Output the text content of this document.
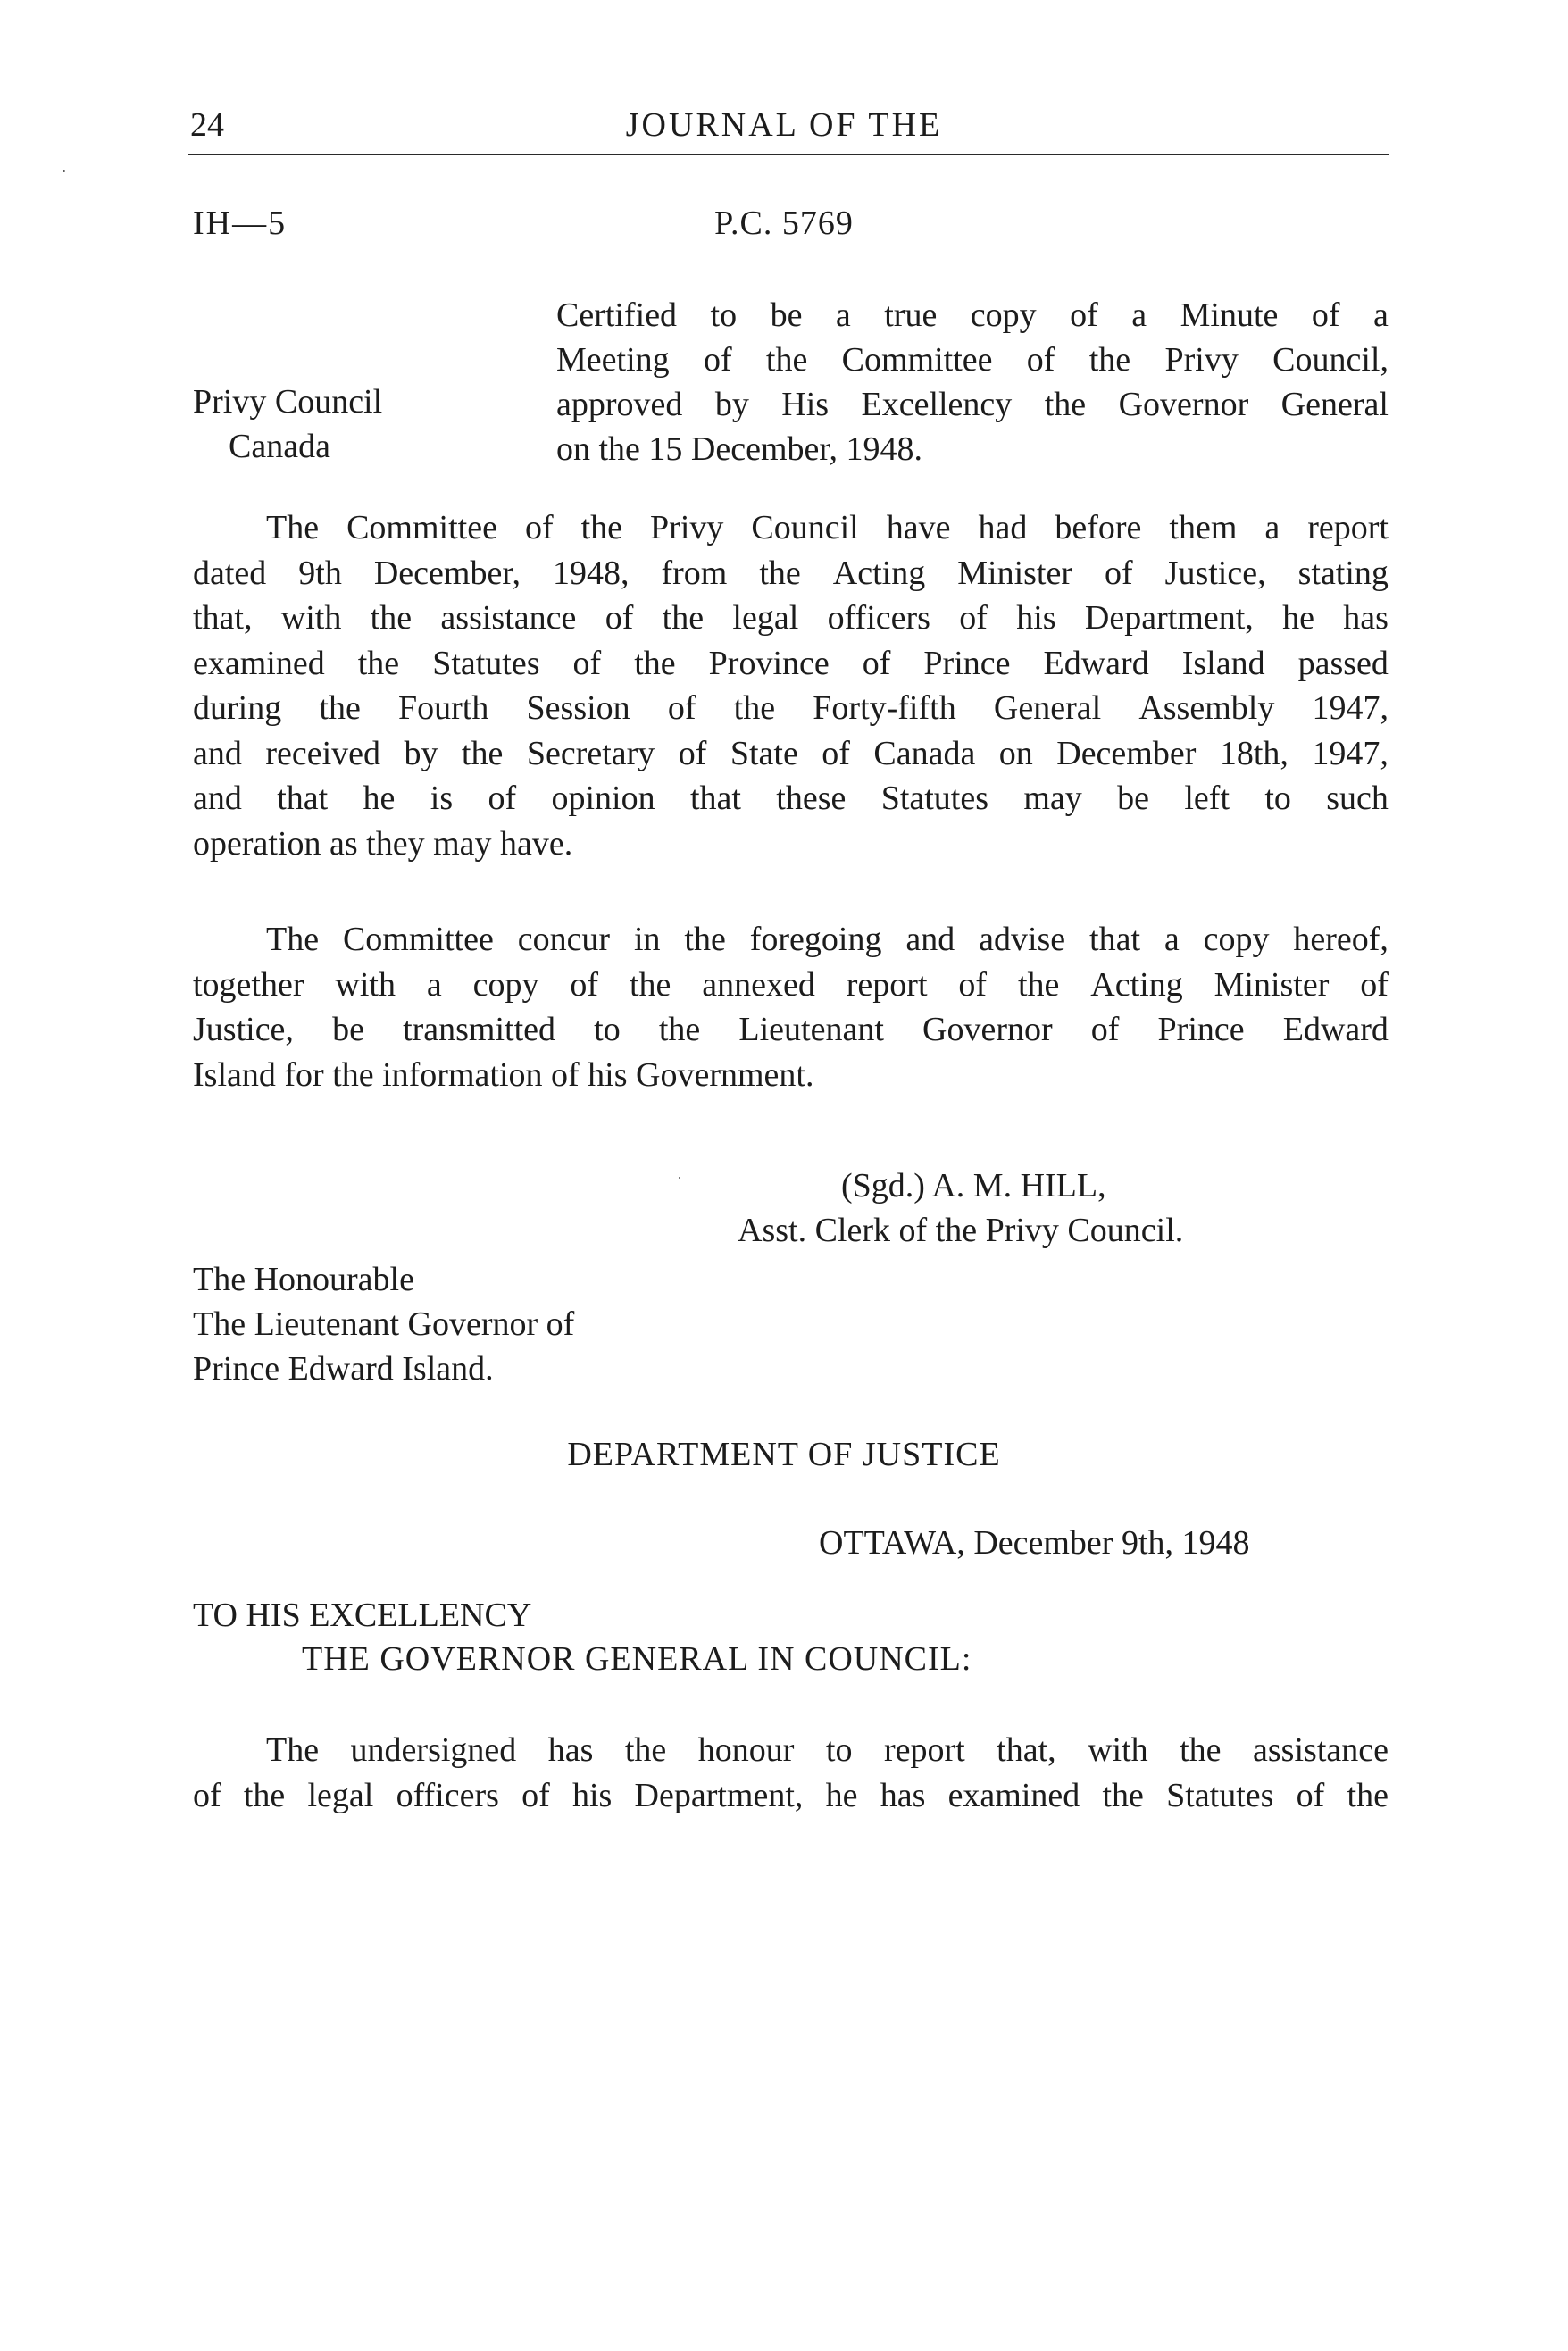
24	JOURNAL OF THE
IH—5	P.C. 5769
Certified to be a true copy of a Minute of a
Meeting of the Committee of the Privy Council,
approved by His Excellency the Governor General
on the 15 December, 1948.
Privy Council
Canada
The Committee of the Privy Council have had before them a report
dated 9th December, 1948, from the Acting Minister of Justice, stating
that, with the assistance of the legal officers of his Department, he has
examined the Statutes of the Province of Prince Edward Island passed
during the Fourth Session of the Forty-fifth General Assembly 1947,
and received by the Secretary of State of Canada on December 18th, 1947,
and that he is of opinion that these Statutes may be left to such
operation as they may have.
The Committee concur in the foregoing and advise that a copy hereof,
together with a copy of the annexed report of the Acting Minister of
Justice, be transmitted to the Lieutenant Governor of Prince Edward
Island for the information of his Government.
(Sgd.) A. M. HILL,
Asst. Clerk of the Privy Council.
The Honourable
The Lieutenant Governor of
Prince Edward Island.
DEPARTMENT OF JUSTICE
OTTAWA, December 9th, 1948
TO HIS EXCELLENCY
THE GOVERNOR GENERAL IN COUNCIL:
The undersigned has the honour to report that, with the assistance
of the legal officers of his Department, he has examined the Statutes of the
